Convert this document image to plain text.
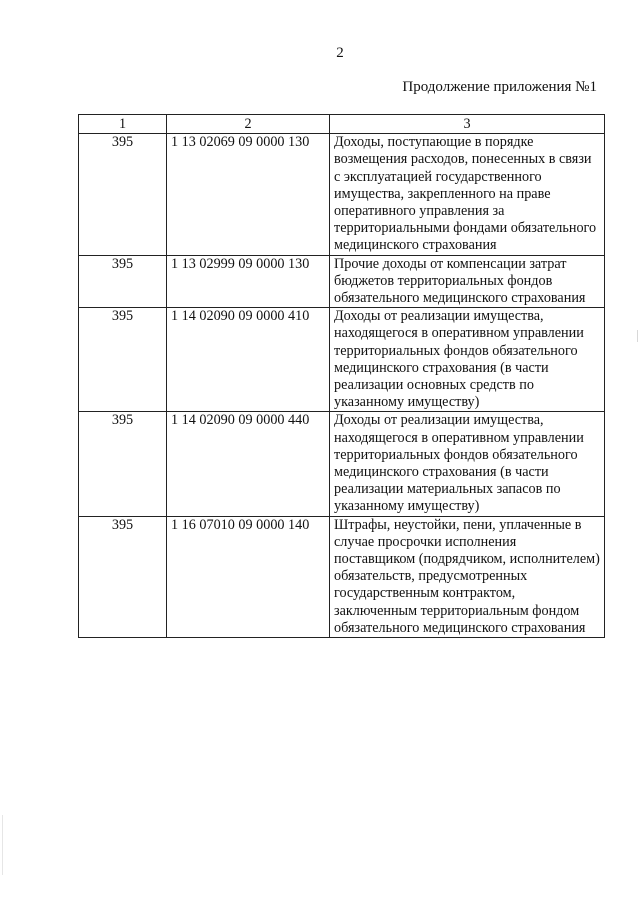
2
Продолжение приложения №1
1	2	3
395	1 13 02069 09 0000 130	Доходы, поступающие в порядке возмещения расходов, понесенных в связи с эксплуатацией государственного имущества, закрепленного на праве оперативного управления за территориальными фондами обязательного медицинского страхования
395	1 13 02999 09 0000 130	Прочие доходы от компенсации затрат бюджетов территориальных фондов обязательного медицинского страхования
395	1 14 02090 09 0000 410	Доходы от реализации имущества, находящегося в оперативном управлении территориальных фондов обязательного медицинского страхования (в части реализации основных средств по указанному имуществу)
395	1 14 02090 09 0000 440	Доходы от реализации имущества, находящегося в оперативном управлении территориальных фондов обязательного медицинского страхования (в части реализации материальных запасов по указанному имуществу)
395	1 16 07010 09 0000 140	Штрафы, неустойки, пени, уплаченные в случае просрочки исполнения поставщиком (подрядчиком, исполнителем) обязательств, предусмотренных государственным контрактом, заключенным территориальным фондом обязательного медицинского страхования
